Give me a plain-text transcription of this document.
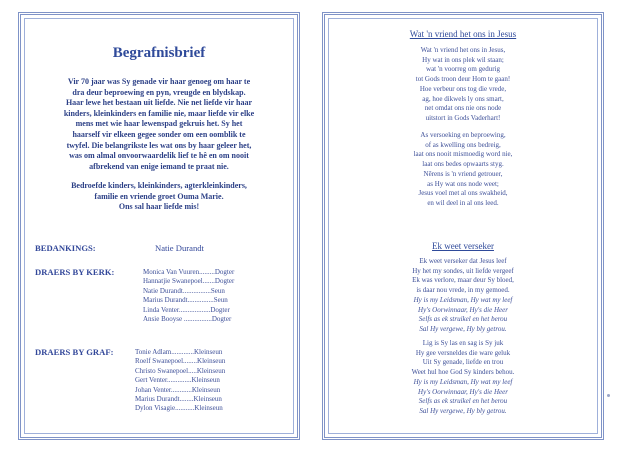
Begrafnisbrief
Vir 70 jaar was Sy genade vir haar genoeg om haar te
dra deur beproewing en pyn, vreugde en blydskap.
Haar lewe het bestaan uit liefde. Nie net liefde vir haar
kinders, kleinkinders en familie nie, maar liefde vir elke
mens met wie haar lewenspad gekruis het. Sy het
haarself vir elkeen gegee sonder om een oomblik te
twyfel. Die belangrikste les wat ons by haar geleer het,
was om almal onvoorwaardelik lief te hê en om nooit
afbrekend van enige iemand te praat nie.
Bedroefde kinders, kleinkinders, agterkleinkinders,
familie en vriende groet Ouma Marie.
Ons sal haar liefde mis!
BEDANKINGS:	Natie Durandt
DRAERS BY KERK:	Monica Van Vuuren.........Dogter
Hannatjie Swanepoel.......Dogter
Natie Durandt................Seun
Marius Durandt...............Seun
Linda Venter..................Dogter
Ansie Booyse ................Dogter
DRAERS BY GRAF:	Tonie Adlam.............Kleinseun
Roelf Swanepoel........Kleinseun
Christo Swanepoel.....Kleinseun
Gert Venter..............Kleinseun
Johan Venter............Kleinseun
Marius Durandt........Kleinseun
Dylon Visagie...........Kleinseun
Wat 'n vriend het ons in Jesus
Wat 'n vriend het ons in Jesus,
Hy wat in ons plek wil staan;
wat 'n voorreg om gedurig
tot Gods troon deur Hom te gaan!
Hoe verbeur ons tog die vrede,
ag, hoe dikwels ly ons smart,
net omdat ons nie ons node
uitstort in Gods Vaderhart!
As versoeking en beproewing,
of as kwelling ons bedreig,
laat ons nooit mismoedig word nie,
laat ons bedes opwaarts styg.
Nêrens is 'n vriend getrouer,
as Hy wat ons node weet;
Jesus voel met al ons swakheid,
en wil deel in al ons leed.
Ek weet verseker
Ek weet verseker dat Jesus leef
Hy het my sondes, uit liefde vergeef
Ek was verlore, maar deur Sy bloed,
is daar nou vrede, in my gemoed.
Hy is my Leidsman, Hy wat my leef
Hy's Oorwinnaar, Hy's die Heer
Selfs as ek struikel en het berou
Sal Hy vergewe, Hy bly getrou.
Lig is Sy las en sag is Sy juk
Hy gee versneldes die ware geluk
Uit Sy genade, liefde en trou
Weet hul hoe God Sy kinders behou.
Hy is my Leidsman, Hy wat my leef
Hy's Oorwinnaar, Hy's die Heer
Selfs as ek struikel en het berou
Sal Hy vergewe, Hy bly getrou.
